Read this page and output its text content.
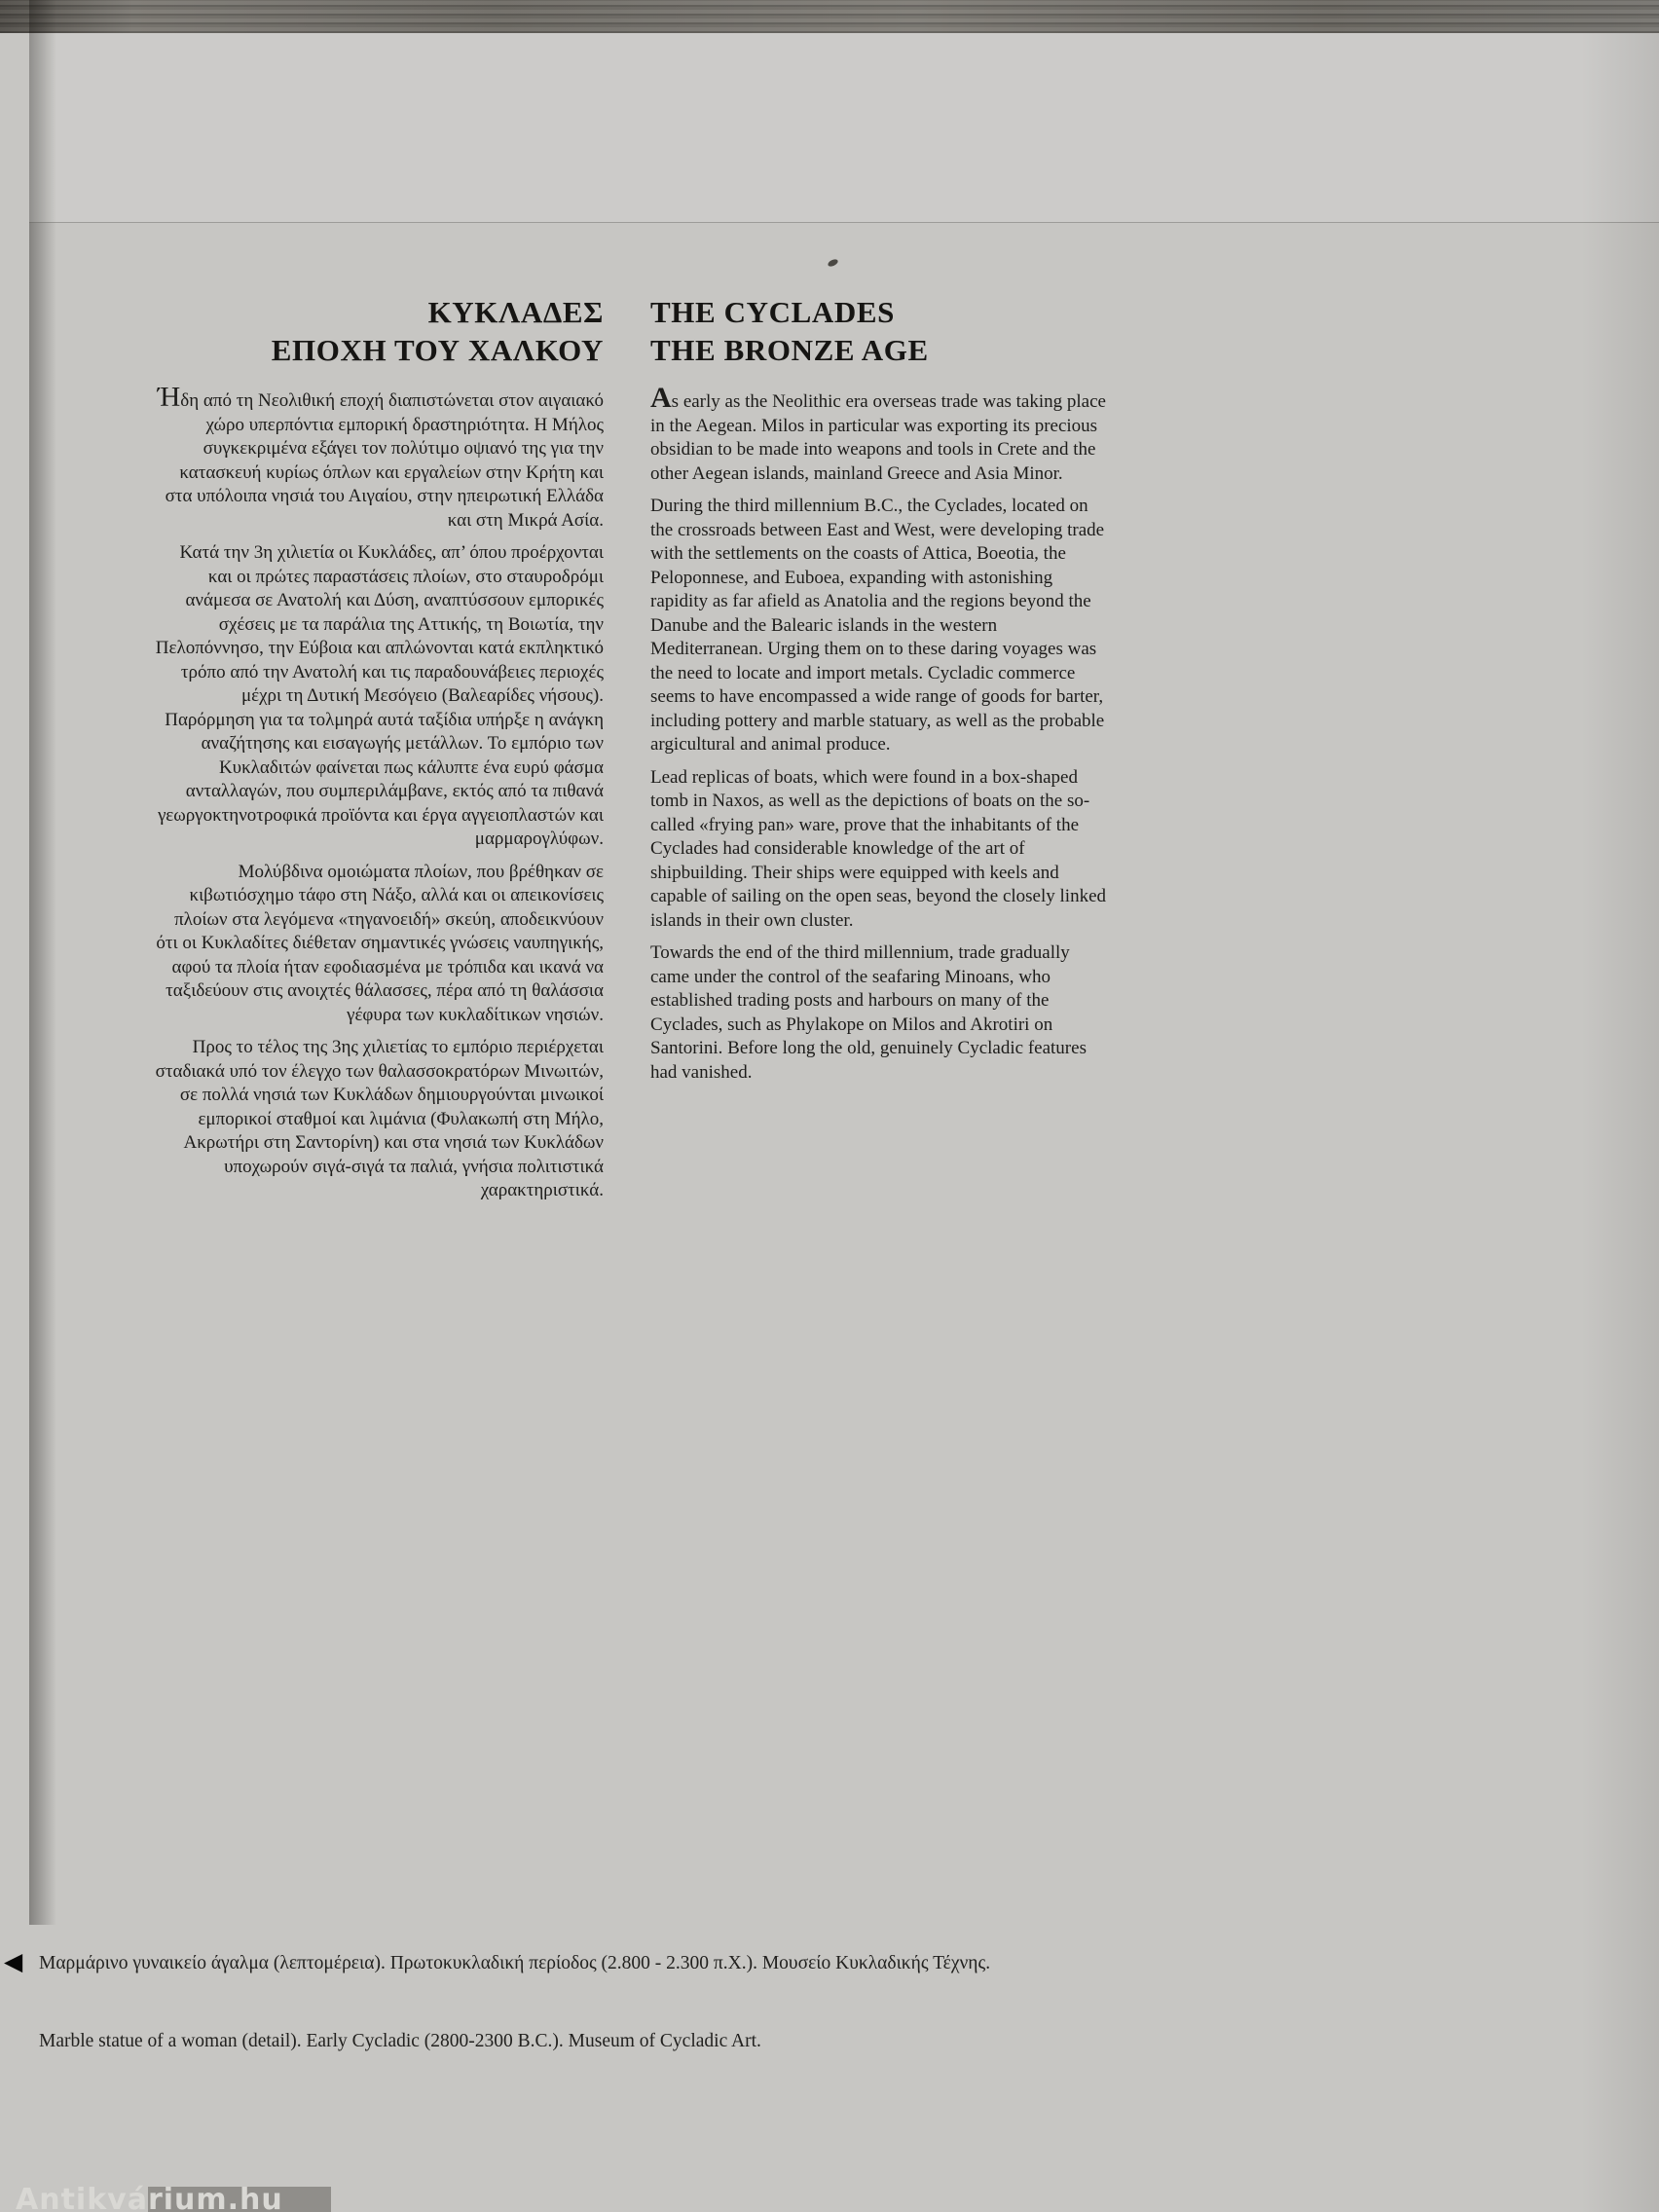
ΚΥΚΛΑΔΕΣ
ΕΠΟΧΗ ΤΟΥ ΧΑΛΚΟΥ
THE CYCLADES
THE BRONZE AGE

Ήδη από τη Νεολιθική εποχή διαπιστώνεται στον αιγαιακό χώρο υπερπόντια εμπορική δραστηριότητα. Η Μήλος συγκεκριμένα εξάγει τον πολύτιμο οψιανό της για την κατασκευή κυρίως όπλων και εργαλείων στην Κρήτη και στα υπόλοιπα νησιά του Αιγαίου, στην ηπειρωτική Ελλάδα και στη Μικρά Ασία.

Κατά την 3η χιλιετία οι Κυκλάδες, απ’ όπου προέρχονται και οι πρώτες παραστάσεις πλοίων, στο σταυροδρόμι ανάμεσα σε Ανατολή και Δύση, αναπτύσσουν εμπορικές σχέσεις με τα παράλια της Αττικής, τη Βοιωτία, την Πελοπόννησο, την Εύβοια και απλώνονται κατά εκπληκτικό τρόπο από την Ανατολή και τις παραδουνάβειες περιοχές μέχρι τη Δυτική Μεσόγειο (Βαλεαρίδες νήσους). Παρόρμηση για τα τολμηρά αυτά ταξίδια υπήρξε η ανάγκη αναζήτησης και εισαγωγής μετάλλων. Το εμπόριο των Κυκλαδιτών φαίνεται πως κάλυπτε ένα ευρύ φάσμα ανταλλαγών, που συμπεριλάμβανε, εκτός από τα πιθανά γεωργοκτηνοτροφικά προϊόντα και έργα αγγειοπλαστών και μαρμαρογλύφων.

Μολύβδινα ομοιώματα πλοίων, που βρέθηκαν σε κιβωτιόσχημο τάφο στη Νάξο, αλλά και οι απεικονίσεις πλοίων στα λεγόμενα «τηγανοειδή» σκεύη, αποδεικνύουν ότι οι Κυκλαδίτες διέθεταν σημαντικές γνώσεις ναυπηγικής, αφού τα πλοία ήταν εφοδιασμένα με τρόπιδα και ικανά να ταξιδεύουν στις ανοιχτές θάλασσες, πέρα από τη θαλάσσια γέφυρα των κυκλαδίτικων νησιών.

Προς το τέλος της 3ης χιλιετίας το εμπόριο περιέρχεται σταδιακά υπό τον έλεγχο των θαλασσοκρατόρων Μινωιτών, σε πολλά νησιά των Κυκλάδων δημιουργούνται μινωικοί εμπορικοί σταθμοί και λιμάνια (Φυλακωπή στη Μήλο, Ακρωτήρι στη Σαντορίνη) και στα νησιά των Κυκλάδων υποχωρούν σιγά-σιγά τα παλιά, γνήσια πολιτιστικά χαρακτηριστικά.

As early as the Neolithic era overseas trade was taking place in the Aegean. Milos in particular was exporting its precious obsidian to be made into weapons and tools in Crete and the other Aegean islands, mainland Greece and Asia Minor.

During the third millennium B.C., the Cyclades, located on the crossroads between East and West, were developing trade with the settlements on the coasts of Attica, Boeotia, the Peloponnese, and Euboea, expanding with astonishing rapidity as far afield as Anatolia and the regions beyond the Danube and the Balearic islands in the western Mediterranean. Urging them on to these daring voyages was the need to locate and import metals. Cycladic commerce seems to have encompassed a wide range of goods for barter, including pottery and marble statuary, as well as the probable argicultural and animal produce.

Lead replicas of boats, which were found in a box-shaped tomb in Naxos, as well as the depictions of boats on the so-called «frying pan» ware, prove that the inhabitants of the Cyclades had considerable knowledge of the art of shipbuilding. Their ships were equipped with keels and capable of sailing on the open seas, beyond the closely linked islands in their own cluster.

Towards the end of the third millennium, trade gradually came under the control of the seafaring Minoans, who established trading posts and harbours on many of the Cyclades, such as Phylakope on Milos and Akrotiri on Santorini. Before long the old, genuinely Cycladic features had vanished.

◀ Μαρμάρινο γυναικείο άγαλμα (λεπτομέρεια). Πρωτοκυκλαδική περίοδος (2.800 - 2.300 π.Χ.). Μουσείο Κυκλαδικής Τέχνης.
Marble statue of a woman (detail). Early Cycladic (2800-2300 B.C.). Museum of Cycladic Art.
Antikvárium.hu
